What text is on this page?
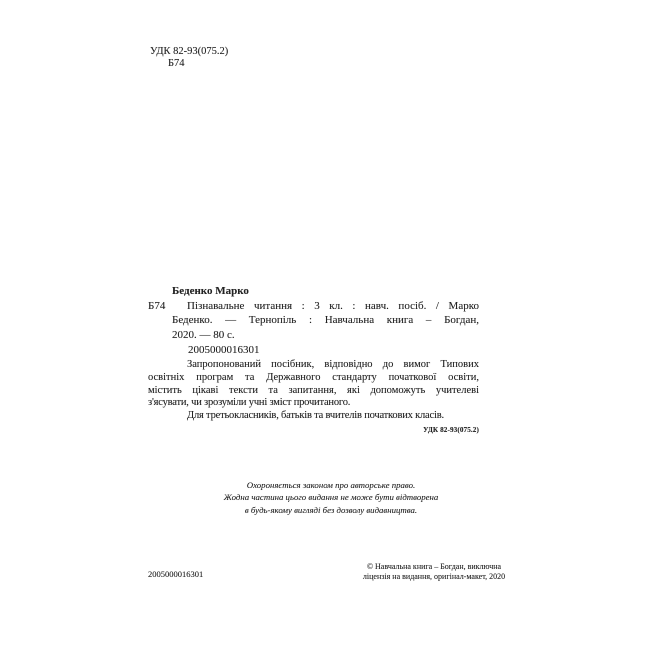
УДК 82-93(075.2)
Б74
Беденко Марко
Б74 Пізнавальне читання : 3 кл. : навч. посіб. / Марко
Беденко. — Тернопіль : Навчальна книга – Богдан,
2020. — 80 с.
2005000016301
Запропонований посібник, відповідно до вимог Типових
освітніх програм та Державного стандарту початкової освіти,
містить цікаві тексти та запитання, які допоможуть учителеві
з'ясувати, чи зрозуміли учні зміст прочитаного.
Для третьокласників, батьків та вчителів початкових класів.
УДК 82-93(075.2)
Охороняється законом про авторське право.
Жодна частина цього видання не може бути відтворена
в будь-якому вигляді без дозволу видавництва.
2005000016301
© Навчальна книга – Богдан, виключна
ліцензія на видання, оригінал-макет, 2020
